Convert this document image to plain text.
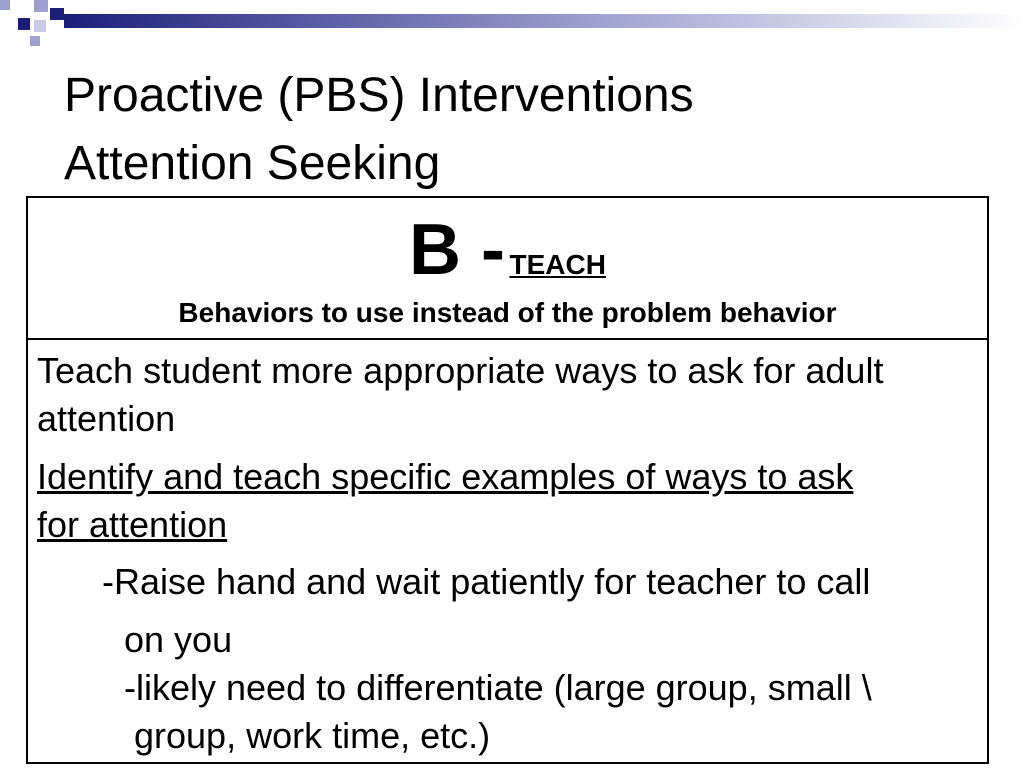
Proactive (PBS) Interventions
Attention Seeking
B - TEACH
Behaviors to use instead of the problem behavior
Teach student more appropriate ways to ask for adult
attention
Identify and teach specific examples of ways to ask
for attention
-Raise hand and wait patiently for teacher to call
on you
-likely need to differentiate (large group, small \
group, work time, etc.)
